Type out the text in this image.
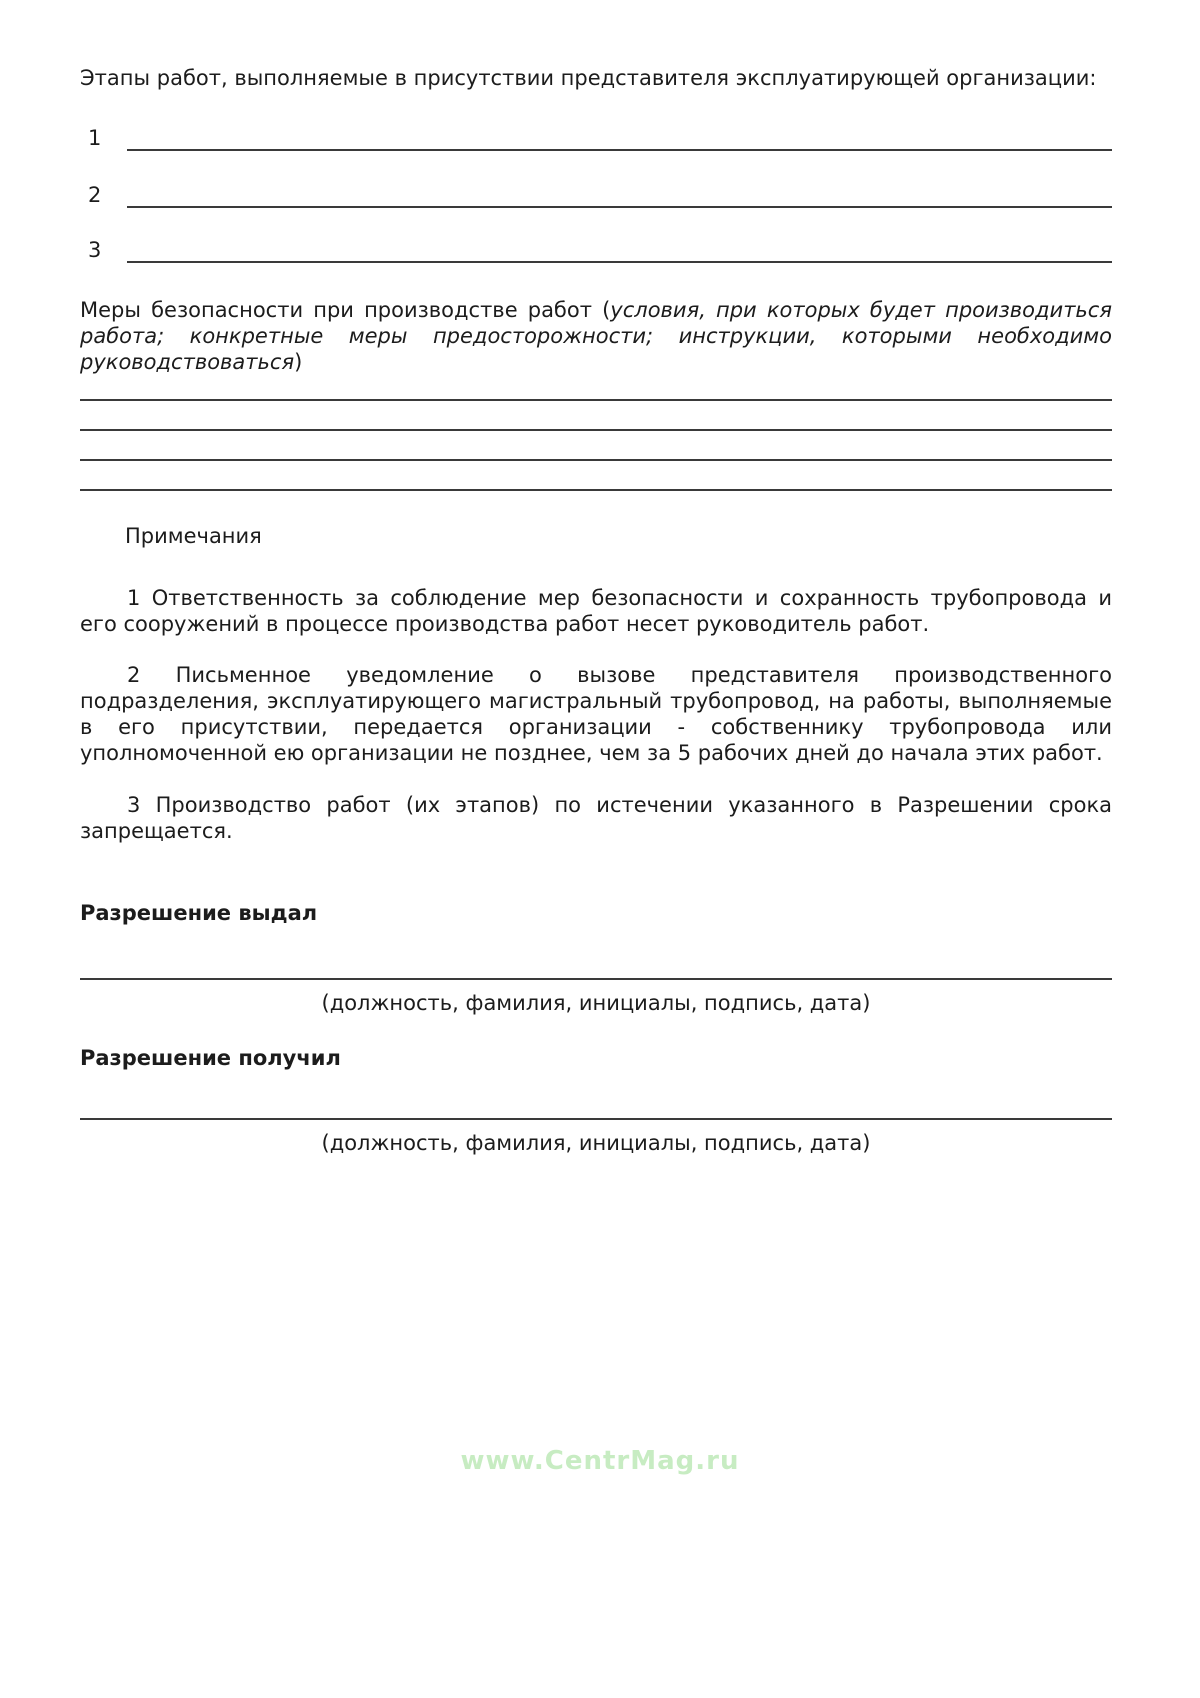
Этапы работ, выполняемые в присутствии представителя эксплуатирующей организации:

1
2
3

Меры безопасности при производстве работ (условия, при которых будет производиться работа; конкретные меры предосторожности; инструкции, которыми необходимо руководствоваться)

Примечания

1 Ответственность за соблюдение мер безопасности и сохранность трубопровода и его сооружений в процессе производства работ несет руководитель работ.

2 Письменное уведомление о вызове представителя производственного подразделения, эксплуатирующего магистральный трубопровод, на работы, выполняемые в его присутствии, передается организации - собственнику трубопровода или уполномоченной ею организации не позднее, чем за 5 рабочих дней до начала этих работ.

3 Производство работ (их этапов) по истечении указанного в Разрешении срока запрещается.

Разрешение выдал

(должность, фамилия, инициалы, подпись, дата)

Разрешение получил

(должность, фамилия, инициалы, подпись, дата)

www.CentrMag.ru
